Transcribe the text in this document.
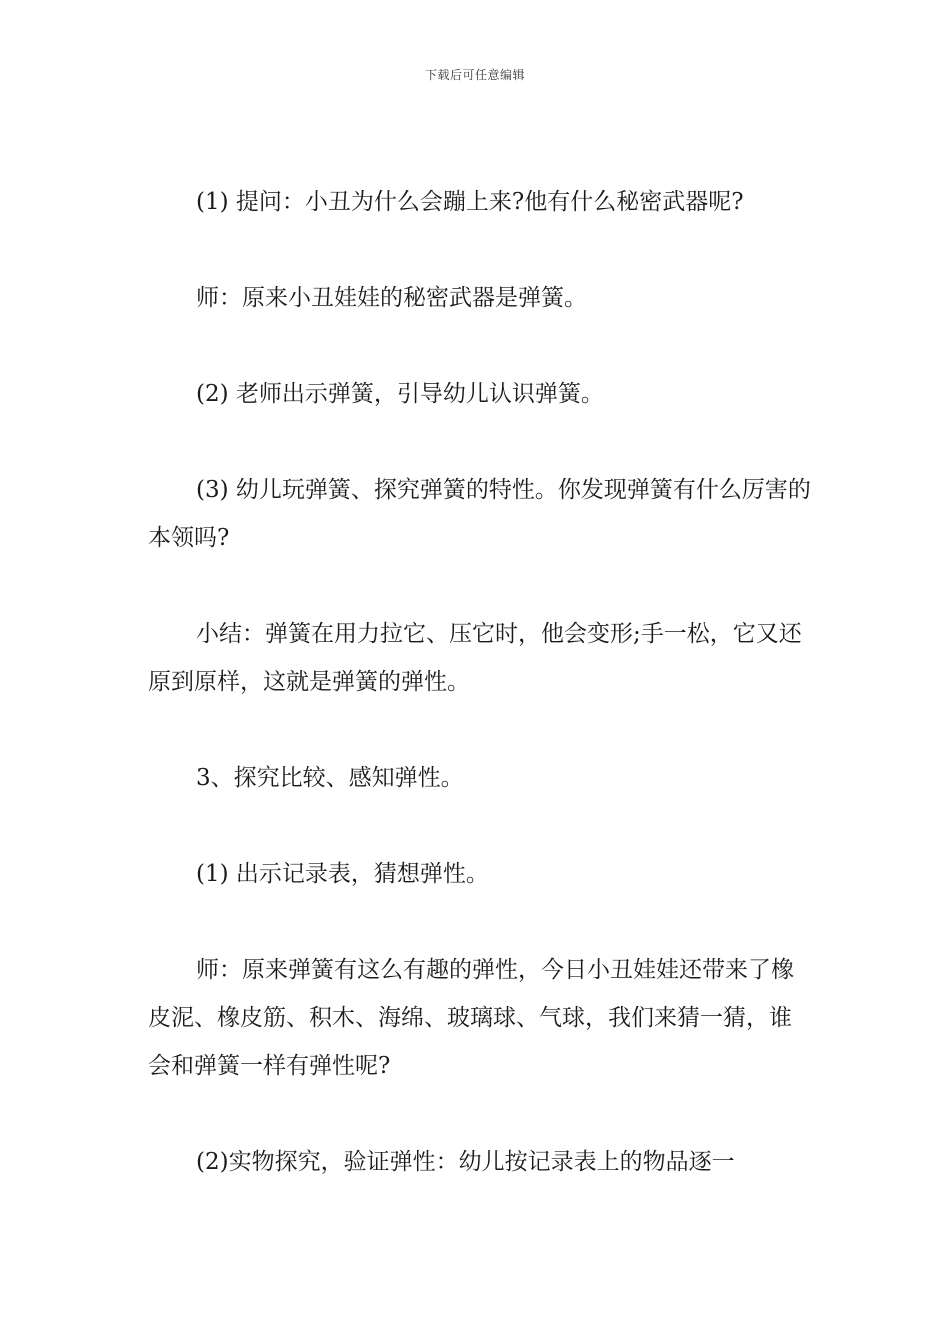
下载后可任意编辑

(1) 提问：小丑为什么会蹦上来?他有什么秘密武器呢?

师：原来小丑娃娃的秘密武器是弹簧。

(2) 老师出示弹簧，引导幼儿认识弹簧。

(3) 幼儿玩弹簧、探究弹簧的特性。你发现弹簧有什么厉害的本领吗?

小结：弹簧在用力拉它、压它时，他会变形;手一松，它又还原到原样，这就是弹簧的弹性。

3、探究比较、感知弹性。

(1) 出示记录表，猜想弹性。

师：原来弹簧有这么有趣的弹性，今日小丑娃娃还带来了橡皮泥、橡皮筋、积木、海绵、玻璃球、气球，我们来猜一猜，谁会和弹簧一样有弹性呢?

(2)实物探究，验证弹性：幼儿按记录表上的物品逐一
